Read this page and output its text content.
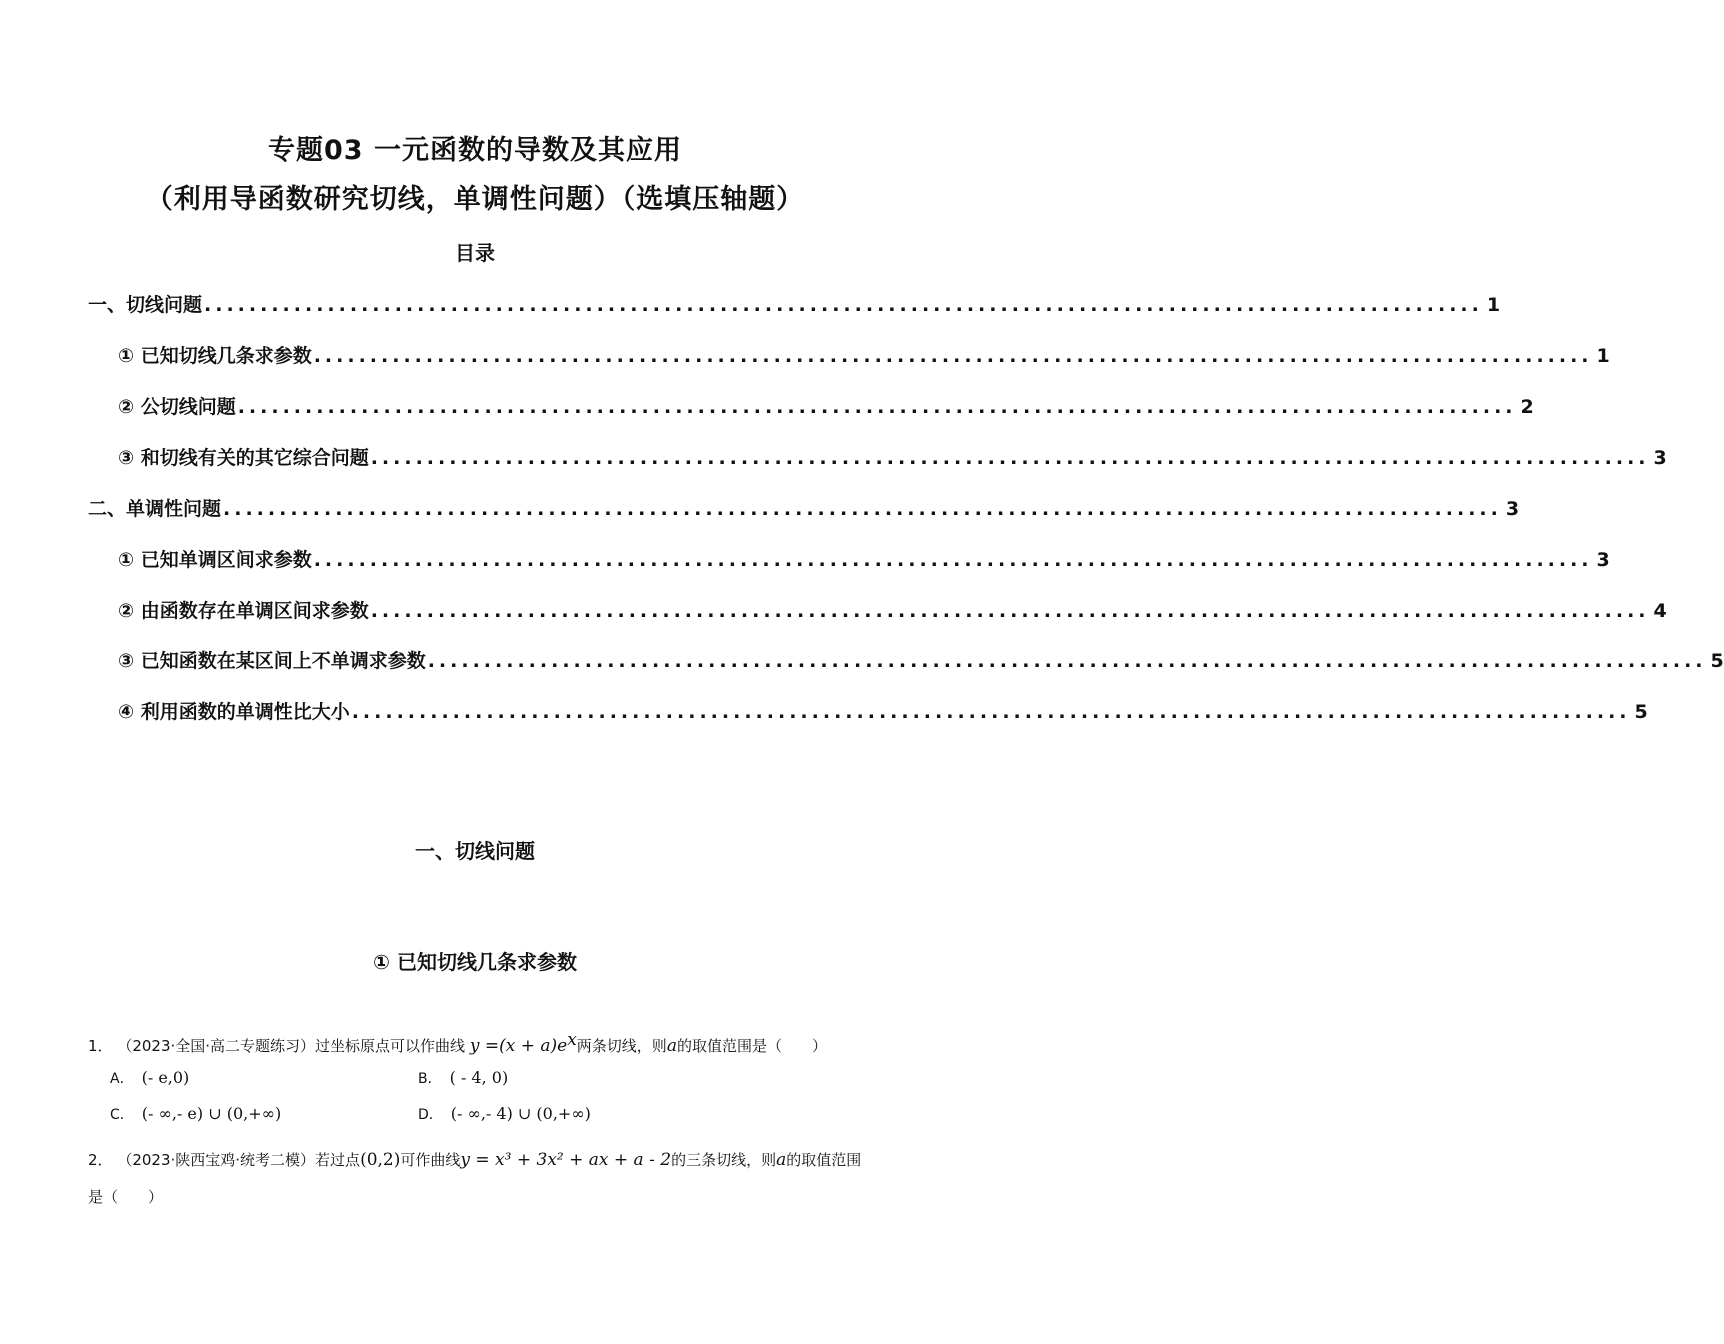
专题03 一元函数的导数及其应用
（利用导函数研究切线，单调性问题）（选填压轴题）
目录
一、切线问题 .................................................................................................................. 1
① 已知切线几条求参数 .................................................................................................................. 1
② 公切线问题 .................................................................................................................. 2
③ 和切线有关的其它综合问题 .................................................................................................................. 3
二、单调性问题 .................................................................................................................. 3
① 已知单调区间求参数 .................................................................................................................. 3
② 由函数存在单调区间求参数 .................................................................................................................. 4
③ 已知函数在某区间上不单调求参数 .................................................................................................................. 5
④ 利用函数的单调性比大小 .................................................................................................................. 5
一、切线问题
① 已知切线几条求参数
1． （2023·全国·高二专题练习）过坐标原点可以作曲线 $y =(x + a)e^x$两条切线，则a的取值范围是（　　）
A． (- e,0)	B． ( - 4, 0)
C． (- ∞,- e) ∪ (0,+∞)	D． (- ∞,- 4) ∪ (0,+∞)
2． （2023·陕西宝鸡·统考二模）若过点(0,2)可作曲线y = x³ + 3x² + ax + a - 2的三条切线，则a的取值范围
是（　　）
